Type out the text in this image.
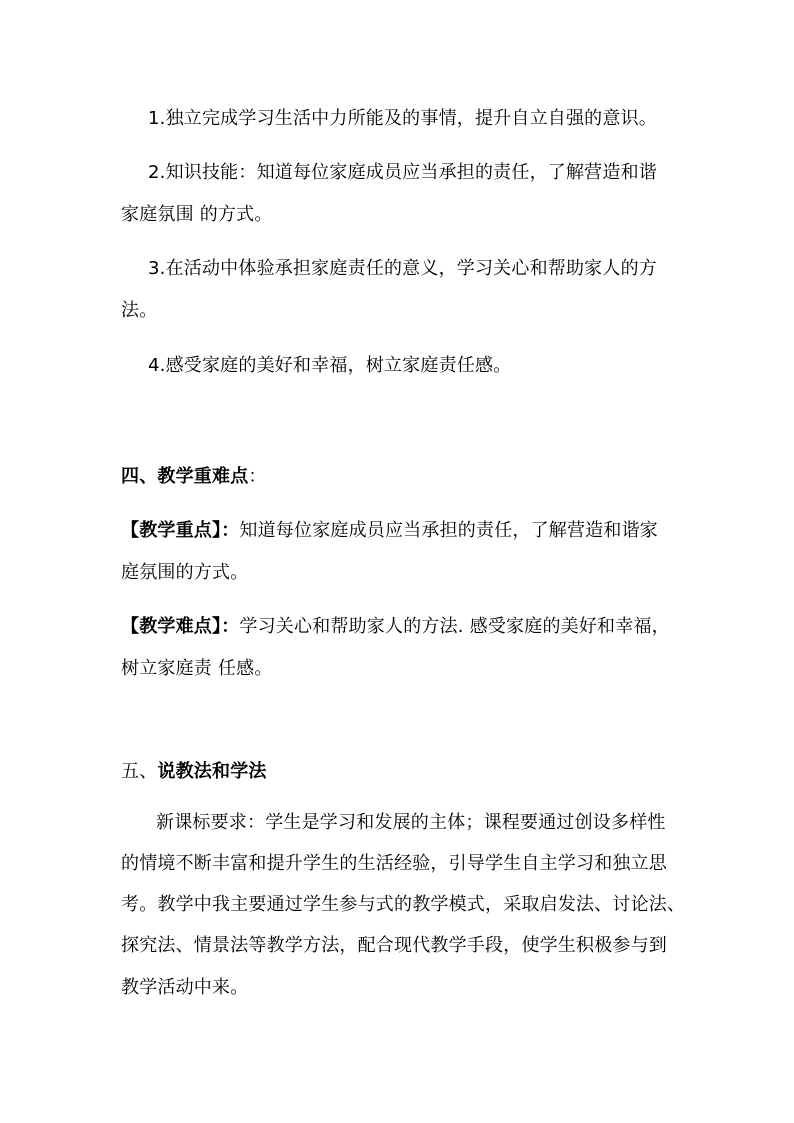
1.独立完成学习生活中力所能及的事情，提升自立自强的意识。
2.知识技能：知道每位家庭成员应当承担的责任，了解营造和谐
家庭氛围 的方式。
3.在活动中体验承担家庭责任的意义，学习关心和帮助家人的方
法。
4.感受家庭的美好和幸福，树立家庭责任感。
四、教学重难点：
【教学重点】：知道每位家庭成员应当承担的责任，了解营造和谐家
庭氛围的方式。
【教学难点】：学习关心和帮助家人的方法. 感受家庭的美好和幸福，
树立家庭责 任感。
五、说教法和学法
新课标要求：学生是学习和发展的主体；课程要通过创设多样性
的情境不断丰富和提升学生的生活经验，引导学生自主学习和独立思
考。教学中我主要通过学生参与式的教学模式，采取启发法、讨论法、
探究法、情景法等教学方法，配合现代教学手段，使学生积极参与到
教学活动中来。
